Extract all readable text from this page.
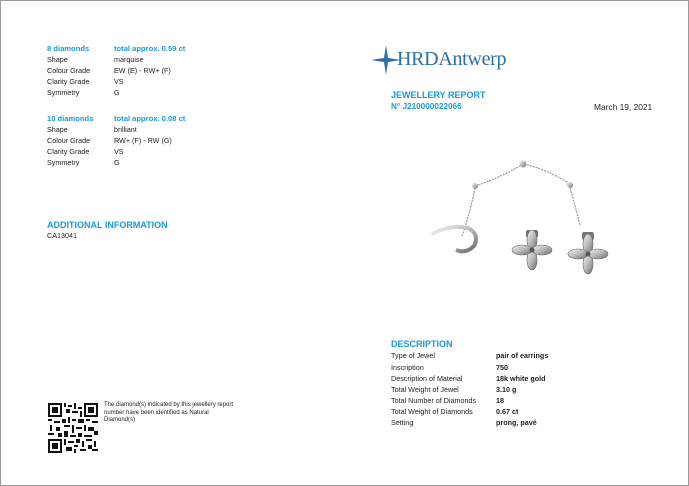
8 diamonds	total approx. 0.59 ct
Shape	marquise
Colour Grade	EW (E) - RW+ (F)
Clarity Grade	VS
Symmetry	G
10 diamonds	total approx. 0.08 ct
Shape	brilliant
Colour Grade	RW+ (F) - RW (G)
Clarity Grade	VS
Symmetry	G
ADDITIONAL INFORMATION
CA13041
The diamond(s) indicated by this jewellery report number have been identified as Natural Diamond(s)
HRDAntwerp
JEWELLERY REPORT
N° J210000022066	March 19, 2021
DESCRIPTION
Type of Jewel	pair of earrings
Inscription	750
Description of Material	18k white gold
Total Weight of Jewel	3.10 g
Total Number of Diamonds	18
Total Weight of Diamonds	0.67 ct
Setting	prong, pavé
